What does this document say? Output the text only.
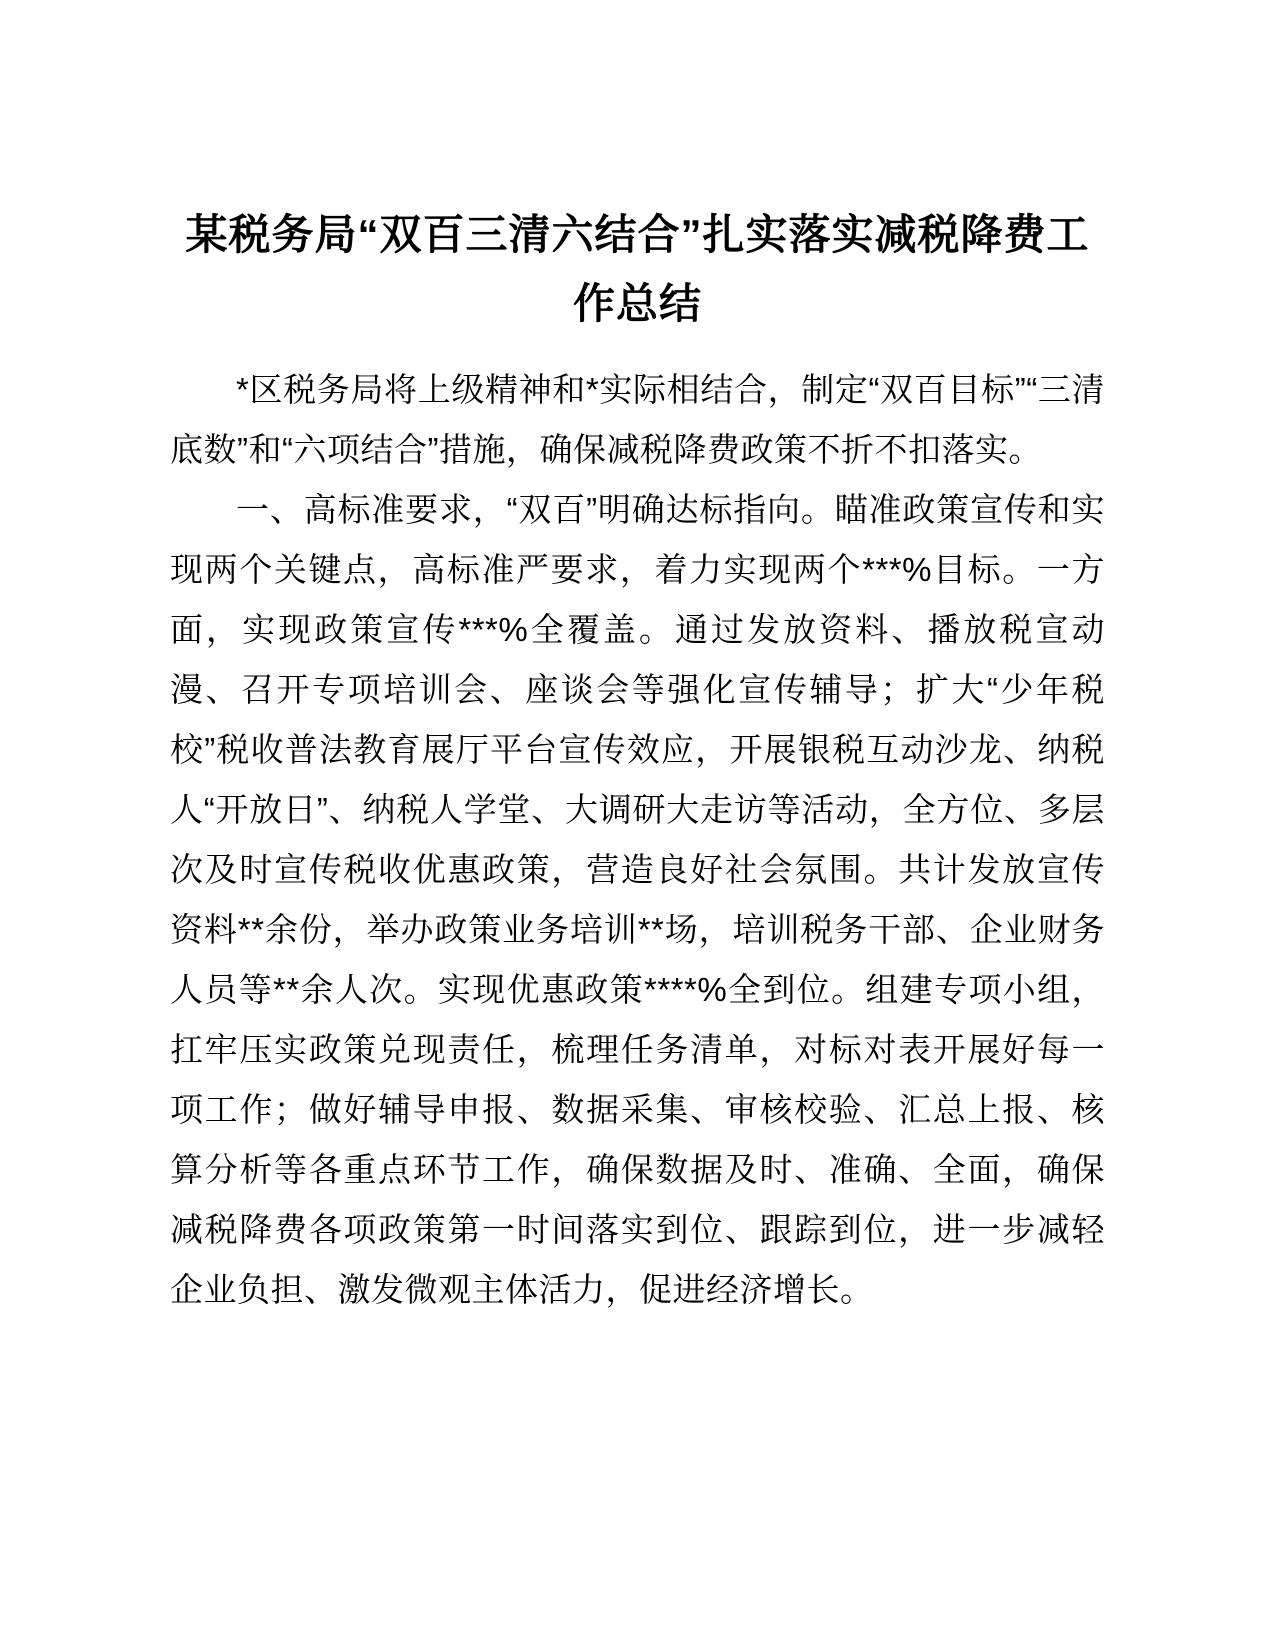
某税务局“双百三清六结合”扎实落实减税降费工作总结

*区税务局将上级精神和*实际相结合，制定“双百目标”“三清底数”和“六项结合”措施，确保减税降费政策不折不扣落实。

一、高标准要求，“双百”明确达标指向。瞄准政策宣传和实现两个关键点，高标准严要求，着力实现两个***%目标。一方面，实现政策宣传***%全覆盖。通过发放资料、播放税宣动漫、召开专项培训会、座谈会等强化宣传辅导；扩大“少年税校”税收普法教育展厅平台宣传效应，开展银税互动沙龙、纳税人“开放日”、纳税人学堂、大调研大走访等活动，全方位、多层次及时宣传税收优惠政策，营造良好社会氛围。共计发放宣传资料**余份，举办政策业务培训**场，培训税务干部、企业财务人员等**余人次。实现优惠政策****%全到位。组建专项小组，扛牢压实政策兑现责任，梳理任务清单，对标对表开展好每一项工作；做好辅导申报、数据采集、审核校验、汇总上报、核算分析等各重点环节工作，确保数据及时、准确、全面，确保减税降费各项政策第一时间落实到位、跟踪到位，进一步减轻企业负担、激发微观主体活力，促进经济增长。
